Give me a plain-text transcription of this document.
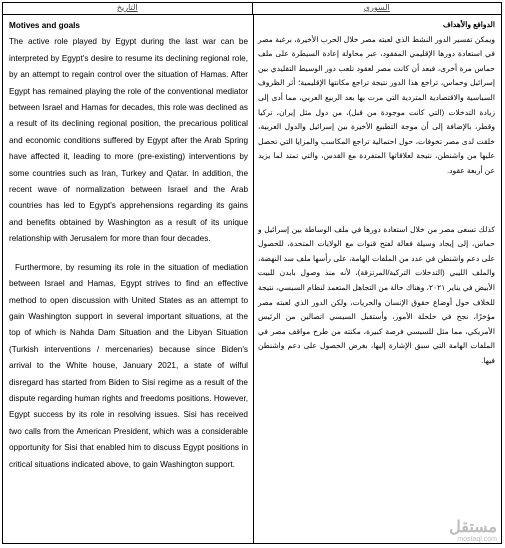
التاريخ	السوري
Motives and goals

The active role played by Egypt during the last war can be interpreted by Egypt's desire to resume its declining regional role, by an attempt to regain control over the situation of Hamas. After Egypt has remained playing the role of the conventional mediator between Israel and Hamas for decades, this role was declined as a result of its declining regional position, the precarious political and economic conditions suffered by Egypt after the Arab Spring have affected it, leading to more (pre-existing) interventions by some countries such as Iran, Turkey and Qatar. In addition, the recent wave of normalization between Israel and the Arab countries has led to Egypt's apprehensions regarding its gains and benefits obtained by Washington as a result of its unique relationship with Jerusalem for more than four decades.

Furthermore, by resuming its role in the situation of mediation between Israel and Hamas, Egypt strives to find an effective method to open discussion with United States as an attempt to gain Washington support in several important situations, at the top of which is Nahda Dam Situation and the Libyan Situation (Turkish interventions / mercenaries) because since Biden's arrival to the White house, January 2021, a state of wilful disregard has started from Biden to Sisi regime as a result of the dispute regarding human rights and freedoms positions. However, Egypt success by its role in resolving issues. Sisi has received two calls from the American President, which was a considerable opportunity for Sisi that enabled him to discuss Egypt positions in critical situations indicated above, to gain Washington support.

الدوافع والأهداف

ويمكن تفسير الدور النشط الذي لعبته مصر خلال الحرب الأخيرة، برغبة مصر في استعادة دورها الإقليمي المفقود، عبر محاولة إعادة السيطرة على ملف حماس مرة أخرى، فبعد أن كانت مصر لعقود تلعب دور الوسيط التقليدي بين إسرائيل وحماس، تراجع هذا الدور نتيجة تراجع مكانتها الإقليمية؛ أثر الظروف السياسية والاقتصادية المتردية التي مرت بها بعد الربيع العربي، مما أدى إلى زيادة التدخلات (التي كانت موجودة من قبل)، من دول مثل إيران، تركيا وقطر، بالإضافة إلى أن موجة التطبيع الأخيرة بين إسرائيل والدول العربية، خلقت لدى مصر تخوفات، حول احتمالية تراجع المكاسب والمزايا التي تحصل عليها من واشنطن، نتيجة لعلاقاتها المتفردة مع القدس، والتي تمتد لما يزيد عن أربعة عقود.

كذلك تسعى مصر من خلال استعادة دورها في ملف الوساطة بين إسرائيل و حماس، إلى إيجاد وسيلة فعالة لفتح قنوات مع الولايات المتحدة، للحصول على دعم واشنطن في عدد من الملفات الهامة، على رأسها ملف سد النهضة، والملف الليبي (التدخلات التركية/المرتزقة)، لأنه منذ وصول بايدن للبيت الأبيض في يناير ٢٠٢١، وهناك حالة من التجاهل المتعمد لنظام السيسي، نتيجة للخلاف حول أوضاع حقوق الإنسان والحريات، ولكن الدور الذي لعبته مصر مؤخرًا، نجح في حلحلة الأمور، وأستقبل السيسي اتصالين من الرئيس الأمريكي، مما مثل للسيسي فرصة كبيرة، مكنته من طرح مواقف مصر في الملفات الهامة التي سبق الإشارة إليها، بغرض الحصول على دعم واشنطن فيها.

مستقل
mostaql.com
